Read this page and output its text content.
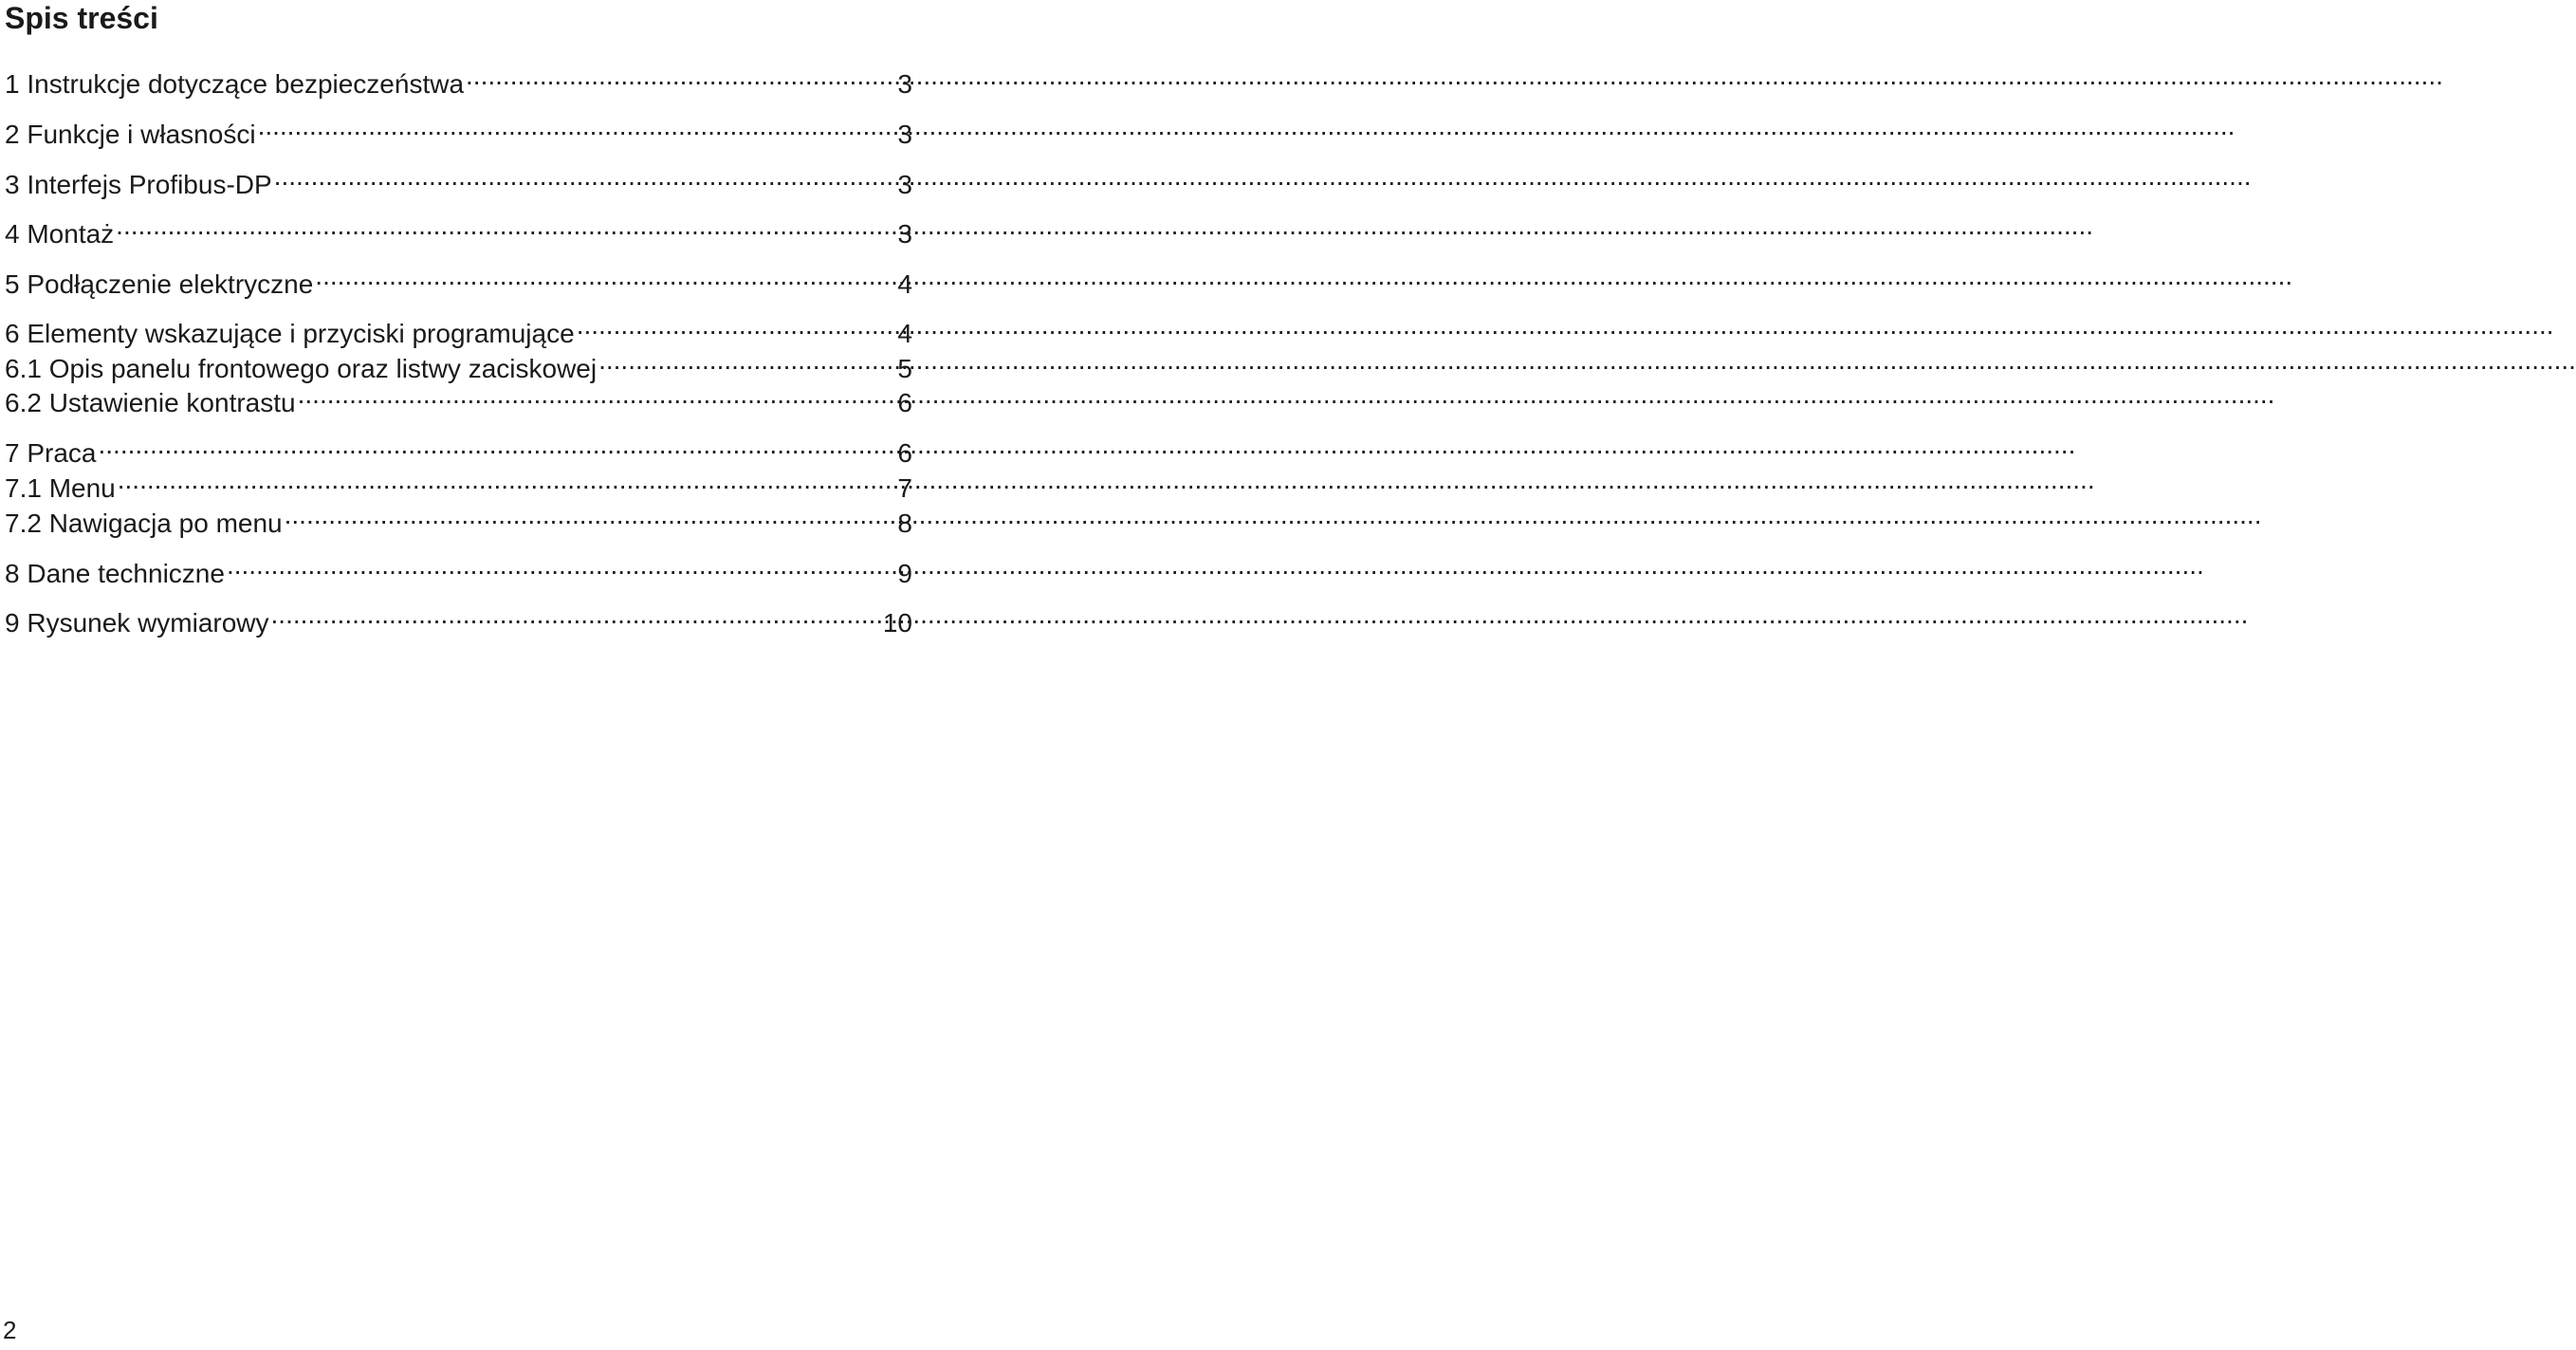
Spis treści
1 Instrukcje dotyczące bezpieczeństwa .....	3
2 Funkcje i własności .....	3
3 Interfejs Profibus-DP .....	3
4 Montaż .....	3
5 Podłączenie elektryczne .....	4
6 Elementy wskazujące i przyciski programujące .....	4
6.1 Opis panelu frontowego oraz listwy zaciskowej .....	5
6.2 Ustawienie kontrastu .....	6
7 Praca .....	6
7.1 Menu .....	7
7.2 Nawigacja po menu .....	8
8 Dane techniczne .....	9
9 Rysunek wymiarowy .....	10
2
